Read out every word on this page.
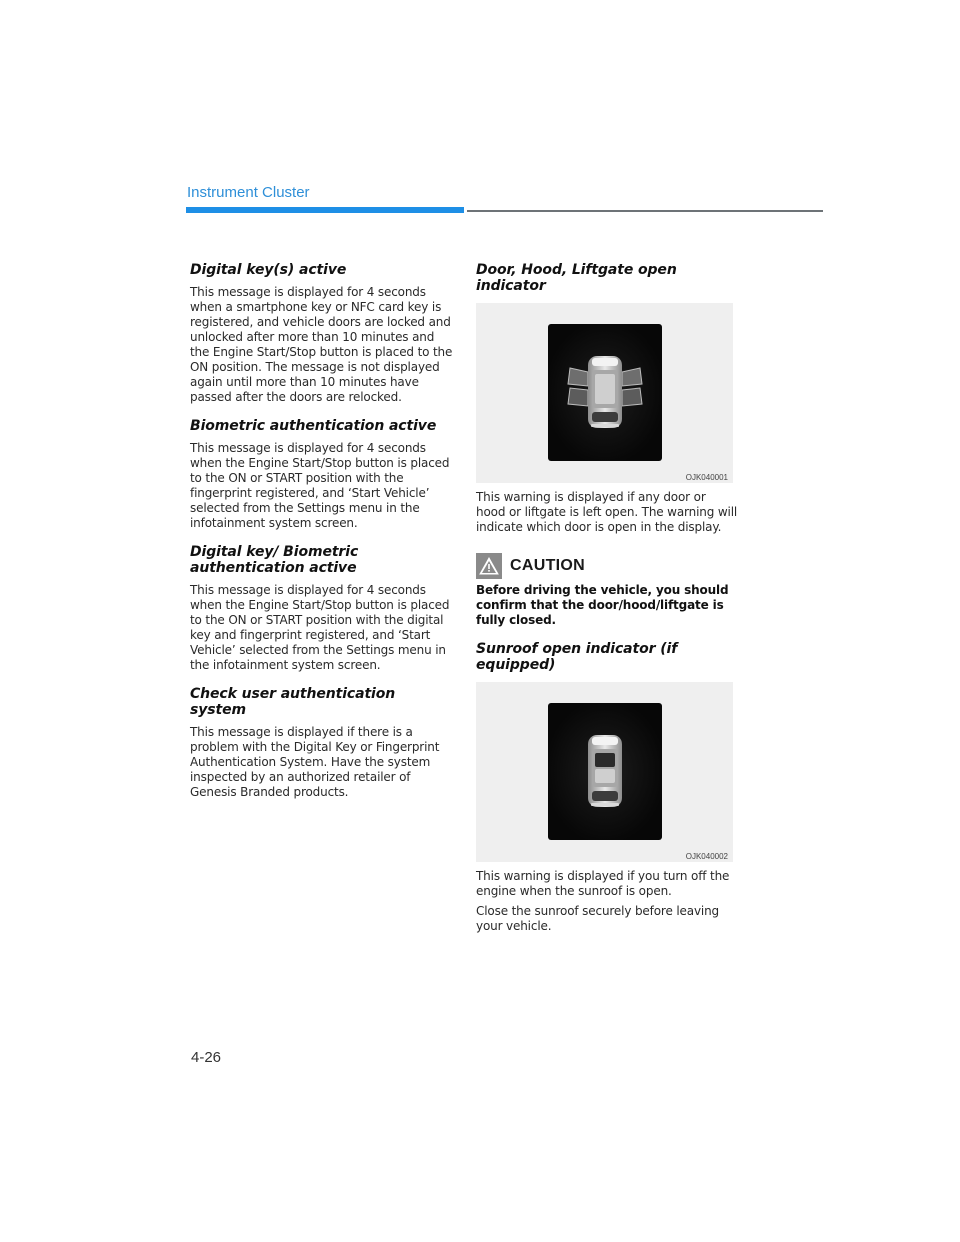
Instrument Cluster
Digital key(s) active

This message is displayed for 4 seconds when a smartphone key or NFC card key is registered, and vehicle doors are locked and unlocked after more than 10 minutes and the Engine Start/Stop button is placed to the ON position. The message is not displayed again until more than 10 minutes have passed after the doors are relocked.

Biometric authentication active

This message is displayed for 4 seconds when the Engine Start/Stop button is placed to the ON or START position with the fingerprint registered, and ‘Start Vehicle’ selected from the Settings menu in the infotainment system screen.

Digital key/ Biometric authentication active

This message is displayed for 4 seconds when the Engine Start/Stop button is placed to the ON or START position with the digital key and fingerprint registered, and ‘Start Vehicle’ selected from the Settings menu in the infotainment system screen.

Check user authentication system

This message is displayed if there is a problem with the Digital Key or Fingerprint Authentication System. Have the system inspected by an authorized retailer of Genesis Branded products.

Door, Hood, Liftgate open indicator
OJK040001

This warning is displayed if any door or hood or liftgate is left open. The warning will indicate which door is open in the display.

CAUTION

Before driving the vehicle, you should confirm that the door/hood/liftgate is fully closed.

Sunroof open indicator (if equipped)
OJK040002

This warning is displayed if you turn off the engine when the sunroof is open.

Close the sunroof securely before leaving your vehicle.

4-26
